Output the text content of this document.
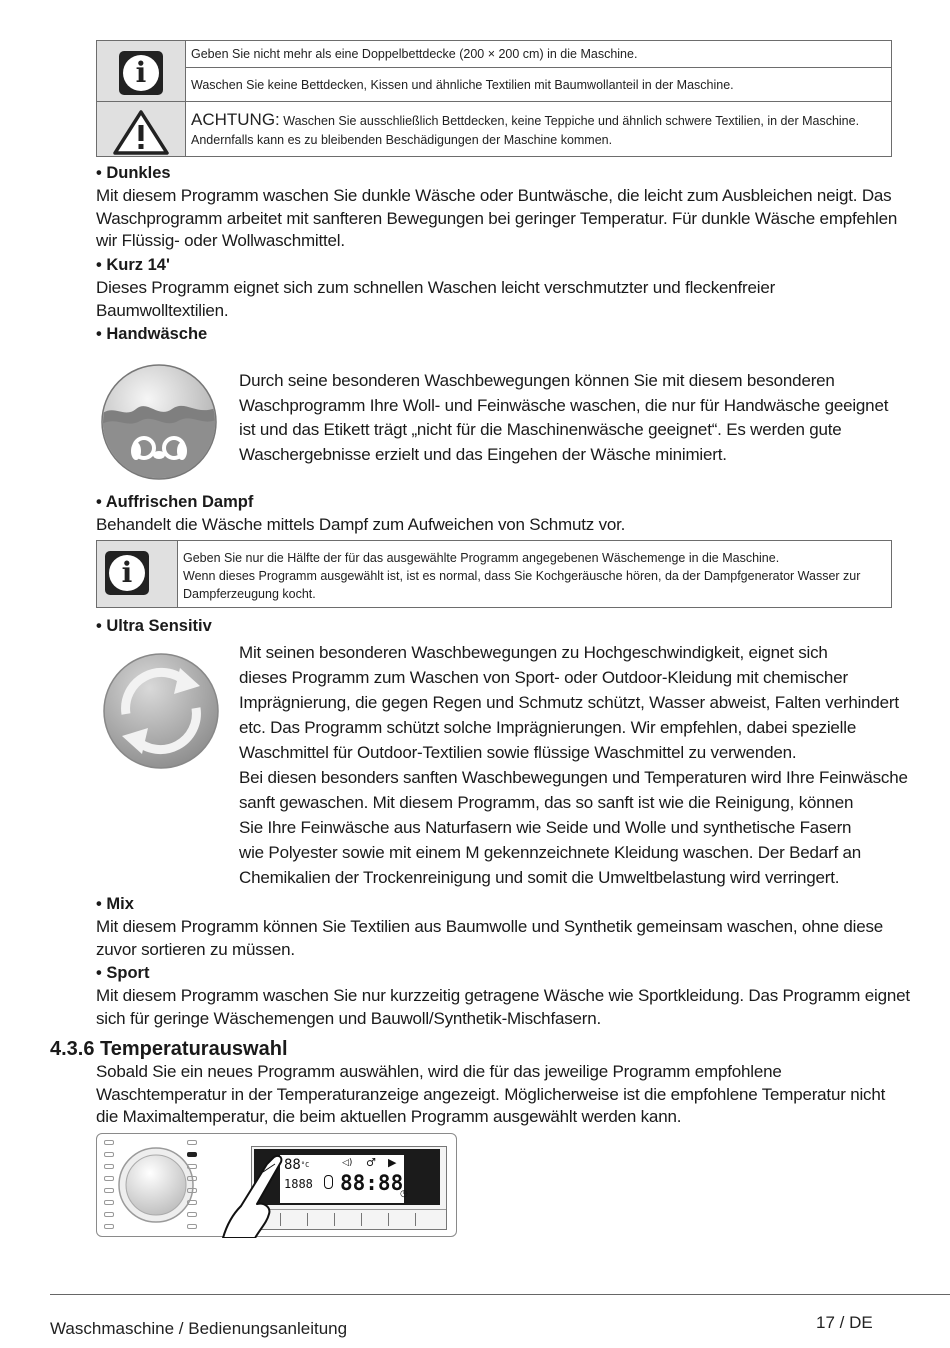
i
Geben Sie nicht mehr als eine Doppelbettdecke (200 × 200 cm) in die Maschine.
Waschen Sie keine Bettdecken, Kissen und ähnliche Textilien mit Baumwollanteil in der Maschine.
ACHTUNG: Waschen Sie ausschließlich Bettdecken, keine Teppiche und ähnlich schwere Textilien, in der Maschine.
Andernfalls kann es zu bleibenden Beschädigungen der Maschine kommen.
• Dunkles
Mit diesem Programm waschen Sie dunkle Wäsche oder Buntwäsche, die leicht zum Ausbleichen neigt. Das
Waschprogramm arbeitet mit sanfteren Bewegungen bei geringer Temperatur. Für dunkle Wäsche empfehlen
wir Flüssig- oder Wollwaschmittel.
• Kurz 14'
Dieses Programm eignet sich zum schnellen Waschen leicht verschmutzter und fleckenfreier
Baumwolltextilien.
• Handwäsche
Durch seine besonderen Waschbewegungen können Sie mit diesem besonderen
Waschprogramm Ihre Woll- und Feinwäsche waschen, die nur für Handwäsche geeignet
ist und das Etikett trägt „nicht für die Maschinenwäsche geeignet“. Es werden gute
Waschergebnisse erzielt und das Eingehen der Wäsche minimiert.
• Auffrischen Dampf
Behandelt die Wäsche mittels Dampf zum Aufweichen von Schmutz vor.
i	Geben Sie nur die Hälfte der für das ausgewählte Programm angegebenen Wäschemenge in die Maschine.
Wenn dieses Programm ausgewählt ist, ist es normal, dass Sie Kochgeräusche hören, da der Dampfgenerator Wasser zur
Dampferzeugung kocht.
• Ultra Sensitiv
Mit seinen besonderen Waschbewegungen zu Hochgeschwindigkeit, eignet sich
dieses Programm zum Waschen von Sport- oder Outdoor-Kleidung mit chemischer
Imprägnierung, die gegen Regen und Schmutz schützt, Wasser abweist, Falten verhindert
etc. Das Programm schützt solche Imprägnierungen. Wir empfehlen, dabei spezielle
Waschmittel für Outdoor-Textilien sowie flüssige Waschmittel zu verwenden.
Bei diesen besonders sanften Waschbewegungen und Temperaturen wird Ihre Feinwäsche
sanft gewaschen. Mit diesem Programm, das so sanft ist wie die Reinigung, können
Sie Ihre Feinwäsche aus Naturfasern wie Seide und Wolle und synthetische Fasern
wie Polyester sowie mit einem M gekennzeichnete Kleidung waschen. Der Bedarf an
Chemikalien der Trockenreinigung und somit die Umweltbelastung wird verringert.
• Mix
Mit diesem Programm können Sie Textilien aus Baumwolle und Synthetik gemeinsam waschen, ohne diese
zuvor sortieren zu müssen.
• Sport
Mit diesem Programm waschen Sie nur kurzzeitig getragene Wäsche wie Sportkleidung. Das Programm eignet
sich für geringe Wäschemengen und Bauwoll/Synthetik-Mischfasern.
4.3.6 Temperaturauswahl
Sobald Sie ein neues Programm auswählen, wird die für das jeweilige Programm empfohlene
Waschtemperatur in der Temperaturanzeige angezeigt. Möglicherweise ist die empfohlene Temperatur nicht
die Maximaltemperatur, die beim aktuellen Programm ausgewählt werden kann.
$88^{^\circ C}$	◁) ♂ ▶
1888 88:88
◷
Waschmaschine / Bedienungsanleitung	17 / DE
